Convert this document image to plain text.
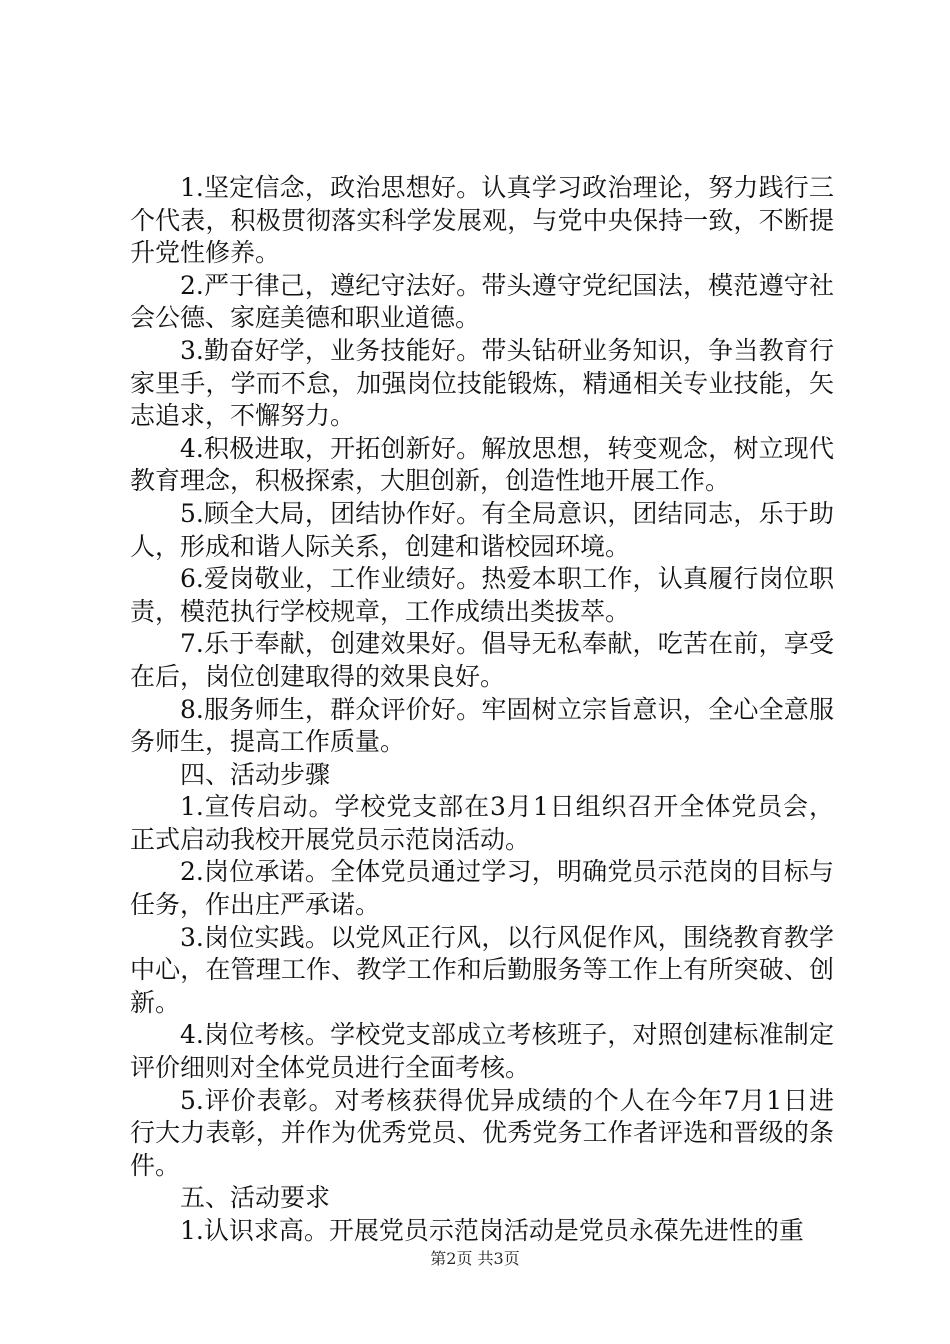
1.坚定信念，政治思想好。认真学习政治理论，努力践行三个代表，积极贯彻落实科学发展观，与党中央保持一致，不断提升党性修养。

2.严于律己，遵纪守法好。带头遵守党纪国法，模范遵守社会公德、家庭美德和职业道德。

3.勤奋好学，业务技能好。带头钻研业务知识，争当教育行家里手，学而不怠，加强岗位技能锻炼，精通相关专业技能，矢志追求，不懈努力。

4.积极进取，开拓创新好。解放思想，转变观念，树立现代教育理念，积极探索，大胆创新，创造性地开展工作。

5.顾全大局，团结协作好。有全局意识，团结同志，乐于助人，形成和谐人际关系，创建和谐校园环境。

6.爱岗敬业，工作业绩好。热爱本职工作，认真履行岗位职责，模范执行学校规章，工作成绩出类拔萃。

7.乐于奉献，创建效果好。倡导无私奉献，吃苦在前，享受在后，岗位创建取得的效果良好。

8.服务师生，群众评价好。牢固树立宗旨意识，全心全意服务师生，提高工作质量。

四、活动步骤

1.宣传启动。学校党支部在3月1日组织召开全体党员会，正式启动我校开展党员示范岗活动。

2.岗位承诺。全体党员通过学习，明确党员示范岗的目标与任务，作出庄严承诺。

3.岗位实践。以党风正行风，以行风促作风，围绕教育教学中心，在管理工作、教学工作和后勤服务等工作上有所突破、创新。

4.岗位考核。学校党支部成立考核班子，对照创建标准制定评价细则对全体党员进行全面考核。

5.评价表彰。对考核获得优异成绩的个人在今年7月1日进行大力表彰，并作为优秀党员、优秀党务工作者评选和晋级的条件。

五、活动要求

1.认识求高。开展党员示范岗活动是党员永葆先进性的重

第2页 共3页
